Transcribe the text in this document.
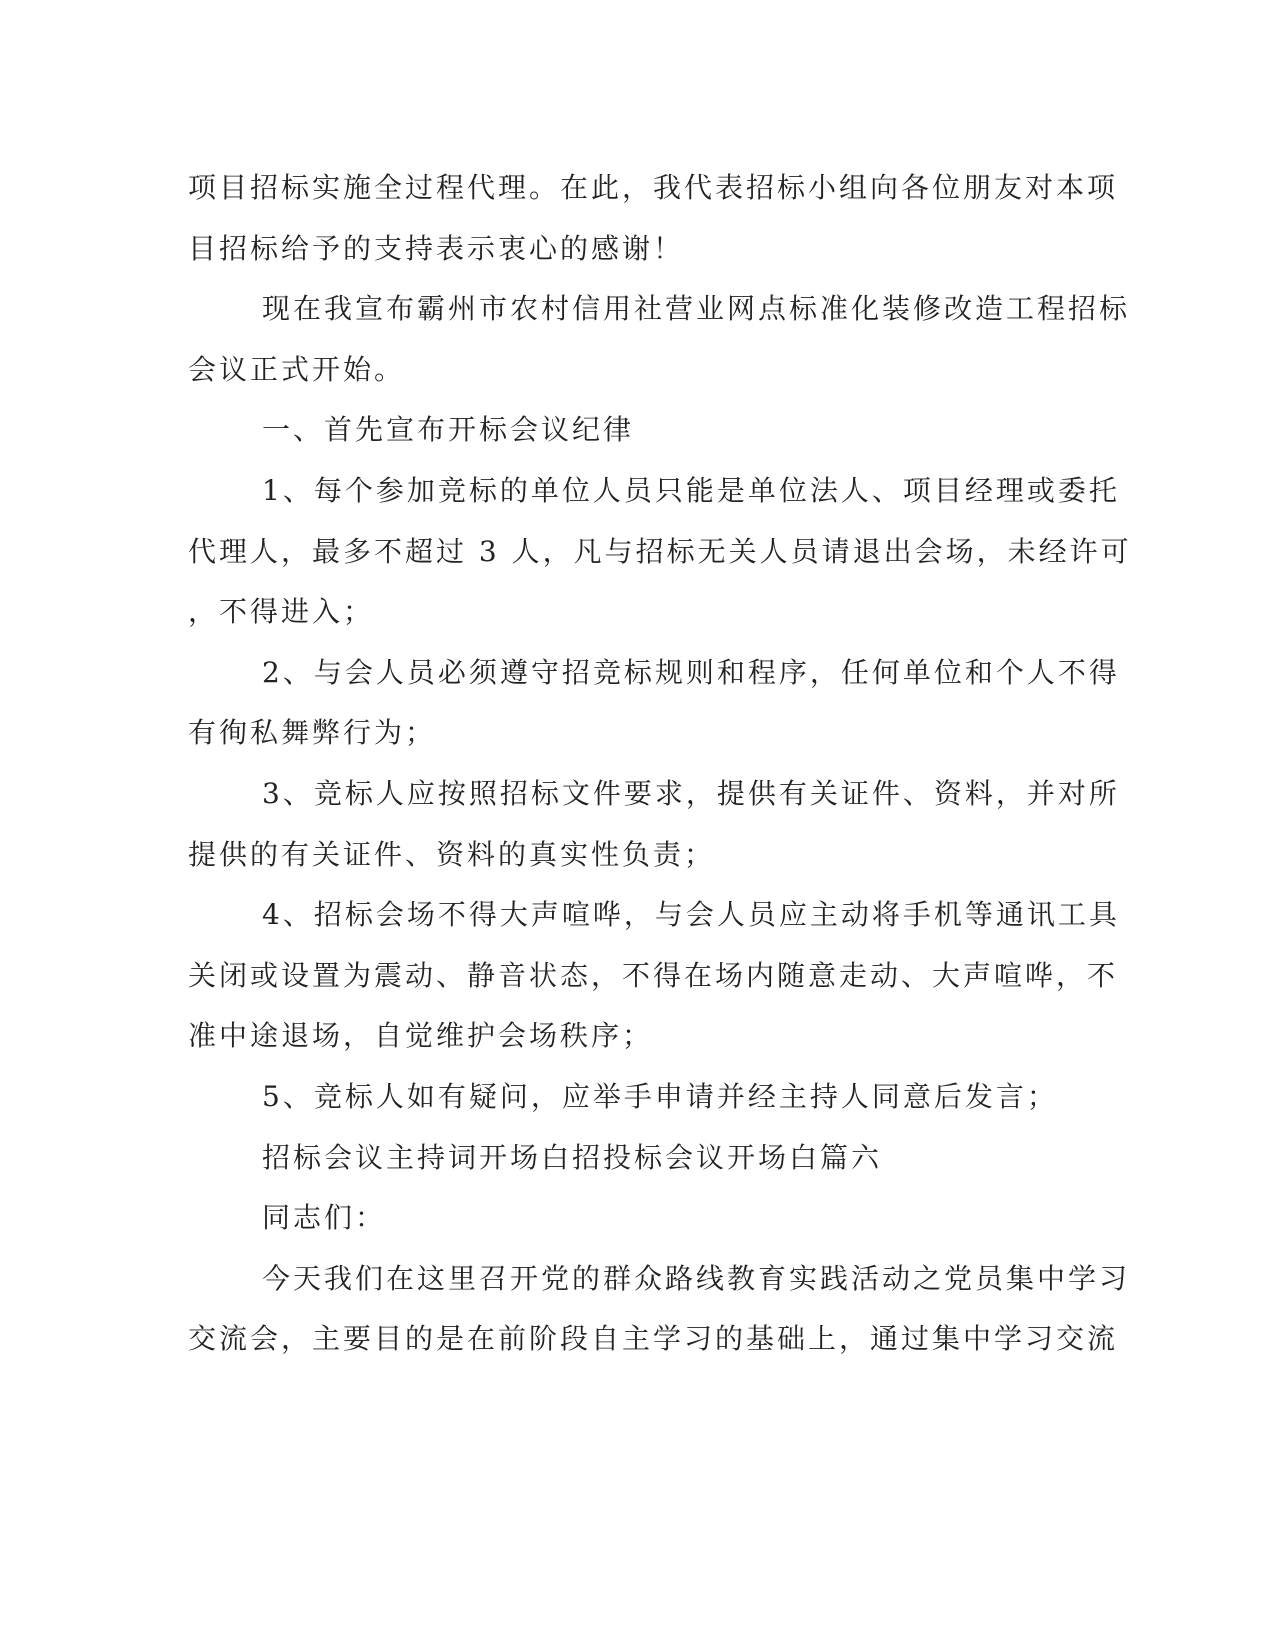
项目招标实施全过程代理。在此，我代表招标小组向各位朋友对本项

目招标给予的支持表示衷心的感谢！

现在我宣布霸州市农村信用社营业网点标准化装修改造工程招标

会议正式开始。

一、首先宣布开标会议纪律

1、每个参加竞标的单位人员只能是单位法人、项目经理或委托

代理人，最多不超过 3 人，凡与招标无关人员请退出会场，未经许可

，不得进入；

2、与会人员必须遵守招竞标规则和程序，任何单位和个人不得

有徇私舞弊行为；

3、竞标人应按照招标文件要求，提供有关证件、资料，并对所

提供的有关证件、资料的真实性负责；

4、招标会场不得大声喧哗，与会人员应主动将手机等通讯工具

关闭或设置为震动、静音状态，不得在场内随意走动、大声喧哗，不

准中途退场，自觉维护会场秩序；

5、竞标人如有疑问，应举手申请并经主持人同意后发言；

招标会议主持词开场白招投标会议开场白篇六

同志们：

今天我们在这里召开党的群众路线教育实践活动之党员集中学习

交流会，主要目的是在前阶段自主学习的基础上，通过集中学习交流
